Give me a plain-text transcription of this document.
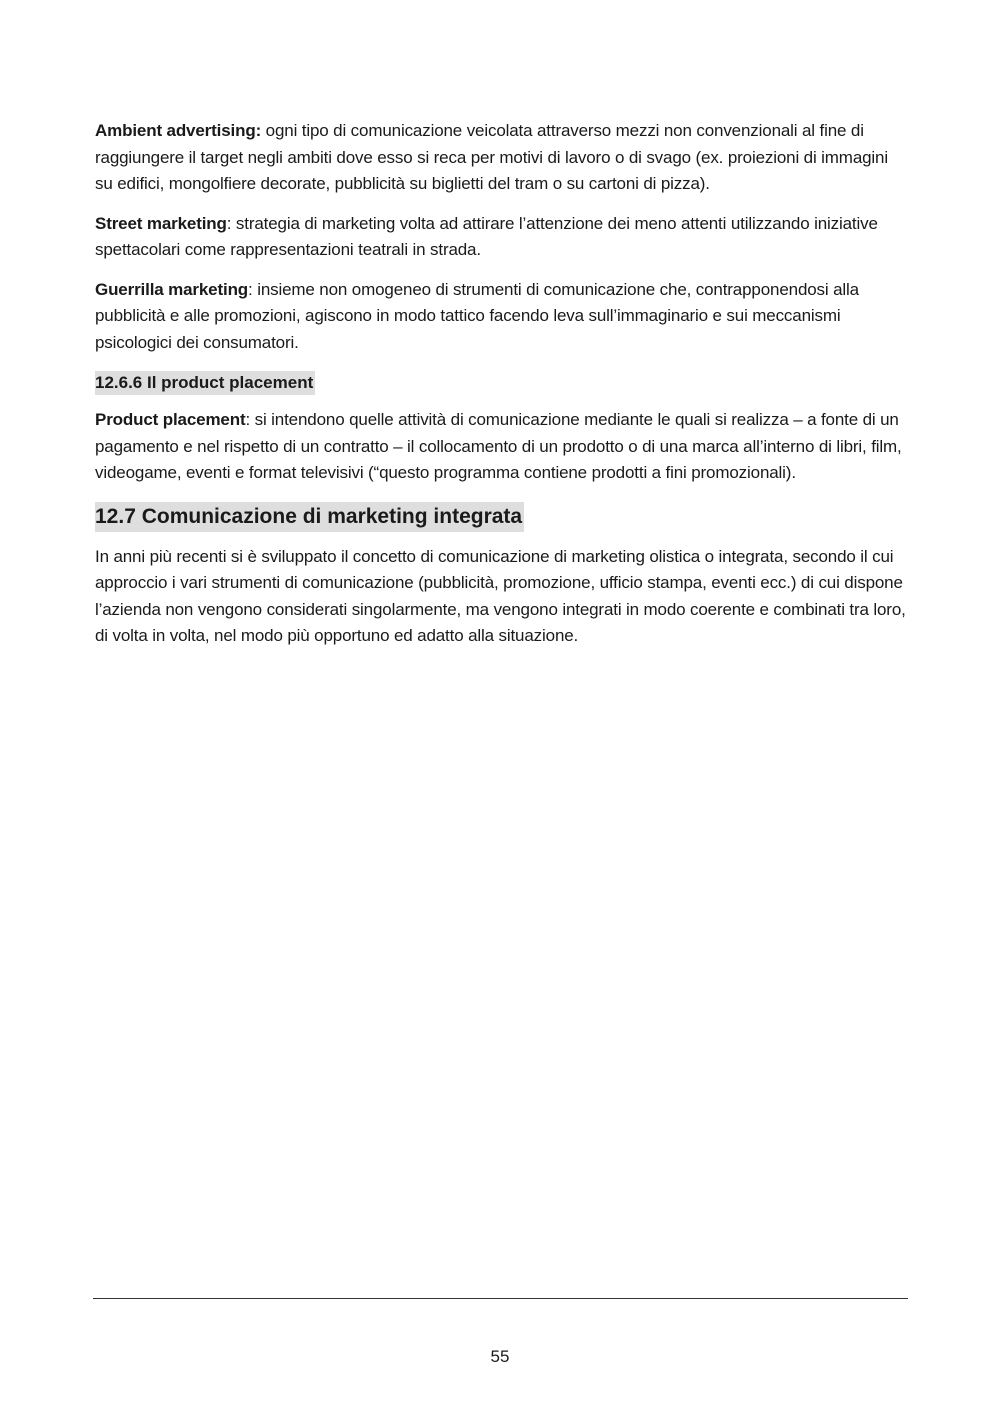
Ambient advertising: ogni tipo di comunicazione veicolata attraverso mezzi non convenzionali al fine di raggiungere il target negli ambiti dove esso si reca per motivi di lavoro o di svago (ex. proiezioni di immagini su edifici, mongolfiere decorate, pubblicità su biglietti del tram o su cartoni di pizza).

Street marketing: strategia di marketing volta ad attirare l’attenzione dei meno attenti utilizzando iniziative spettacolari come rappresentazioni teatrali in strada.

Guerrilla marketing: insieme non omogeneo di strumenti di comunicazione che, contrapponendosi alla pubblicità e alle promozioni, agiscono in modo tattico facendo leva sull’immaginario e sui meccanismi psicologici dei consumatori.

12.6.6 Il product placement

Product placement: si intendono quelle attività di comunicazione mediante le quali si realizza – a fonte di un pagamento e nel rispetto di un contratto – il collocamento di un prodotto o di una marca all’interno di libri, film, videogame, eventi e format televisivi (“questo programma contiene prodotti a fini promozionali).

12.7 Comunicazione di marketing integrata

In anni più recenti si è sviluppato il concetto di comunicazione di marketing olistica o integrata, secondo il cui approccio i vari strumenti di comunicazione (pubblicità, promozione, ufficio stampa, eventi ecc.) di cui dispone l’azienda non vengono considerati singolarmente, ma vengono integrati in modo coerente e combinati tra loro, di volta in volta, nel modo più opportuno ed adatto alla situazione.

55
